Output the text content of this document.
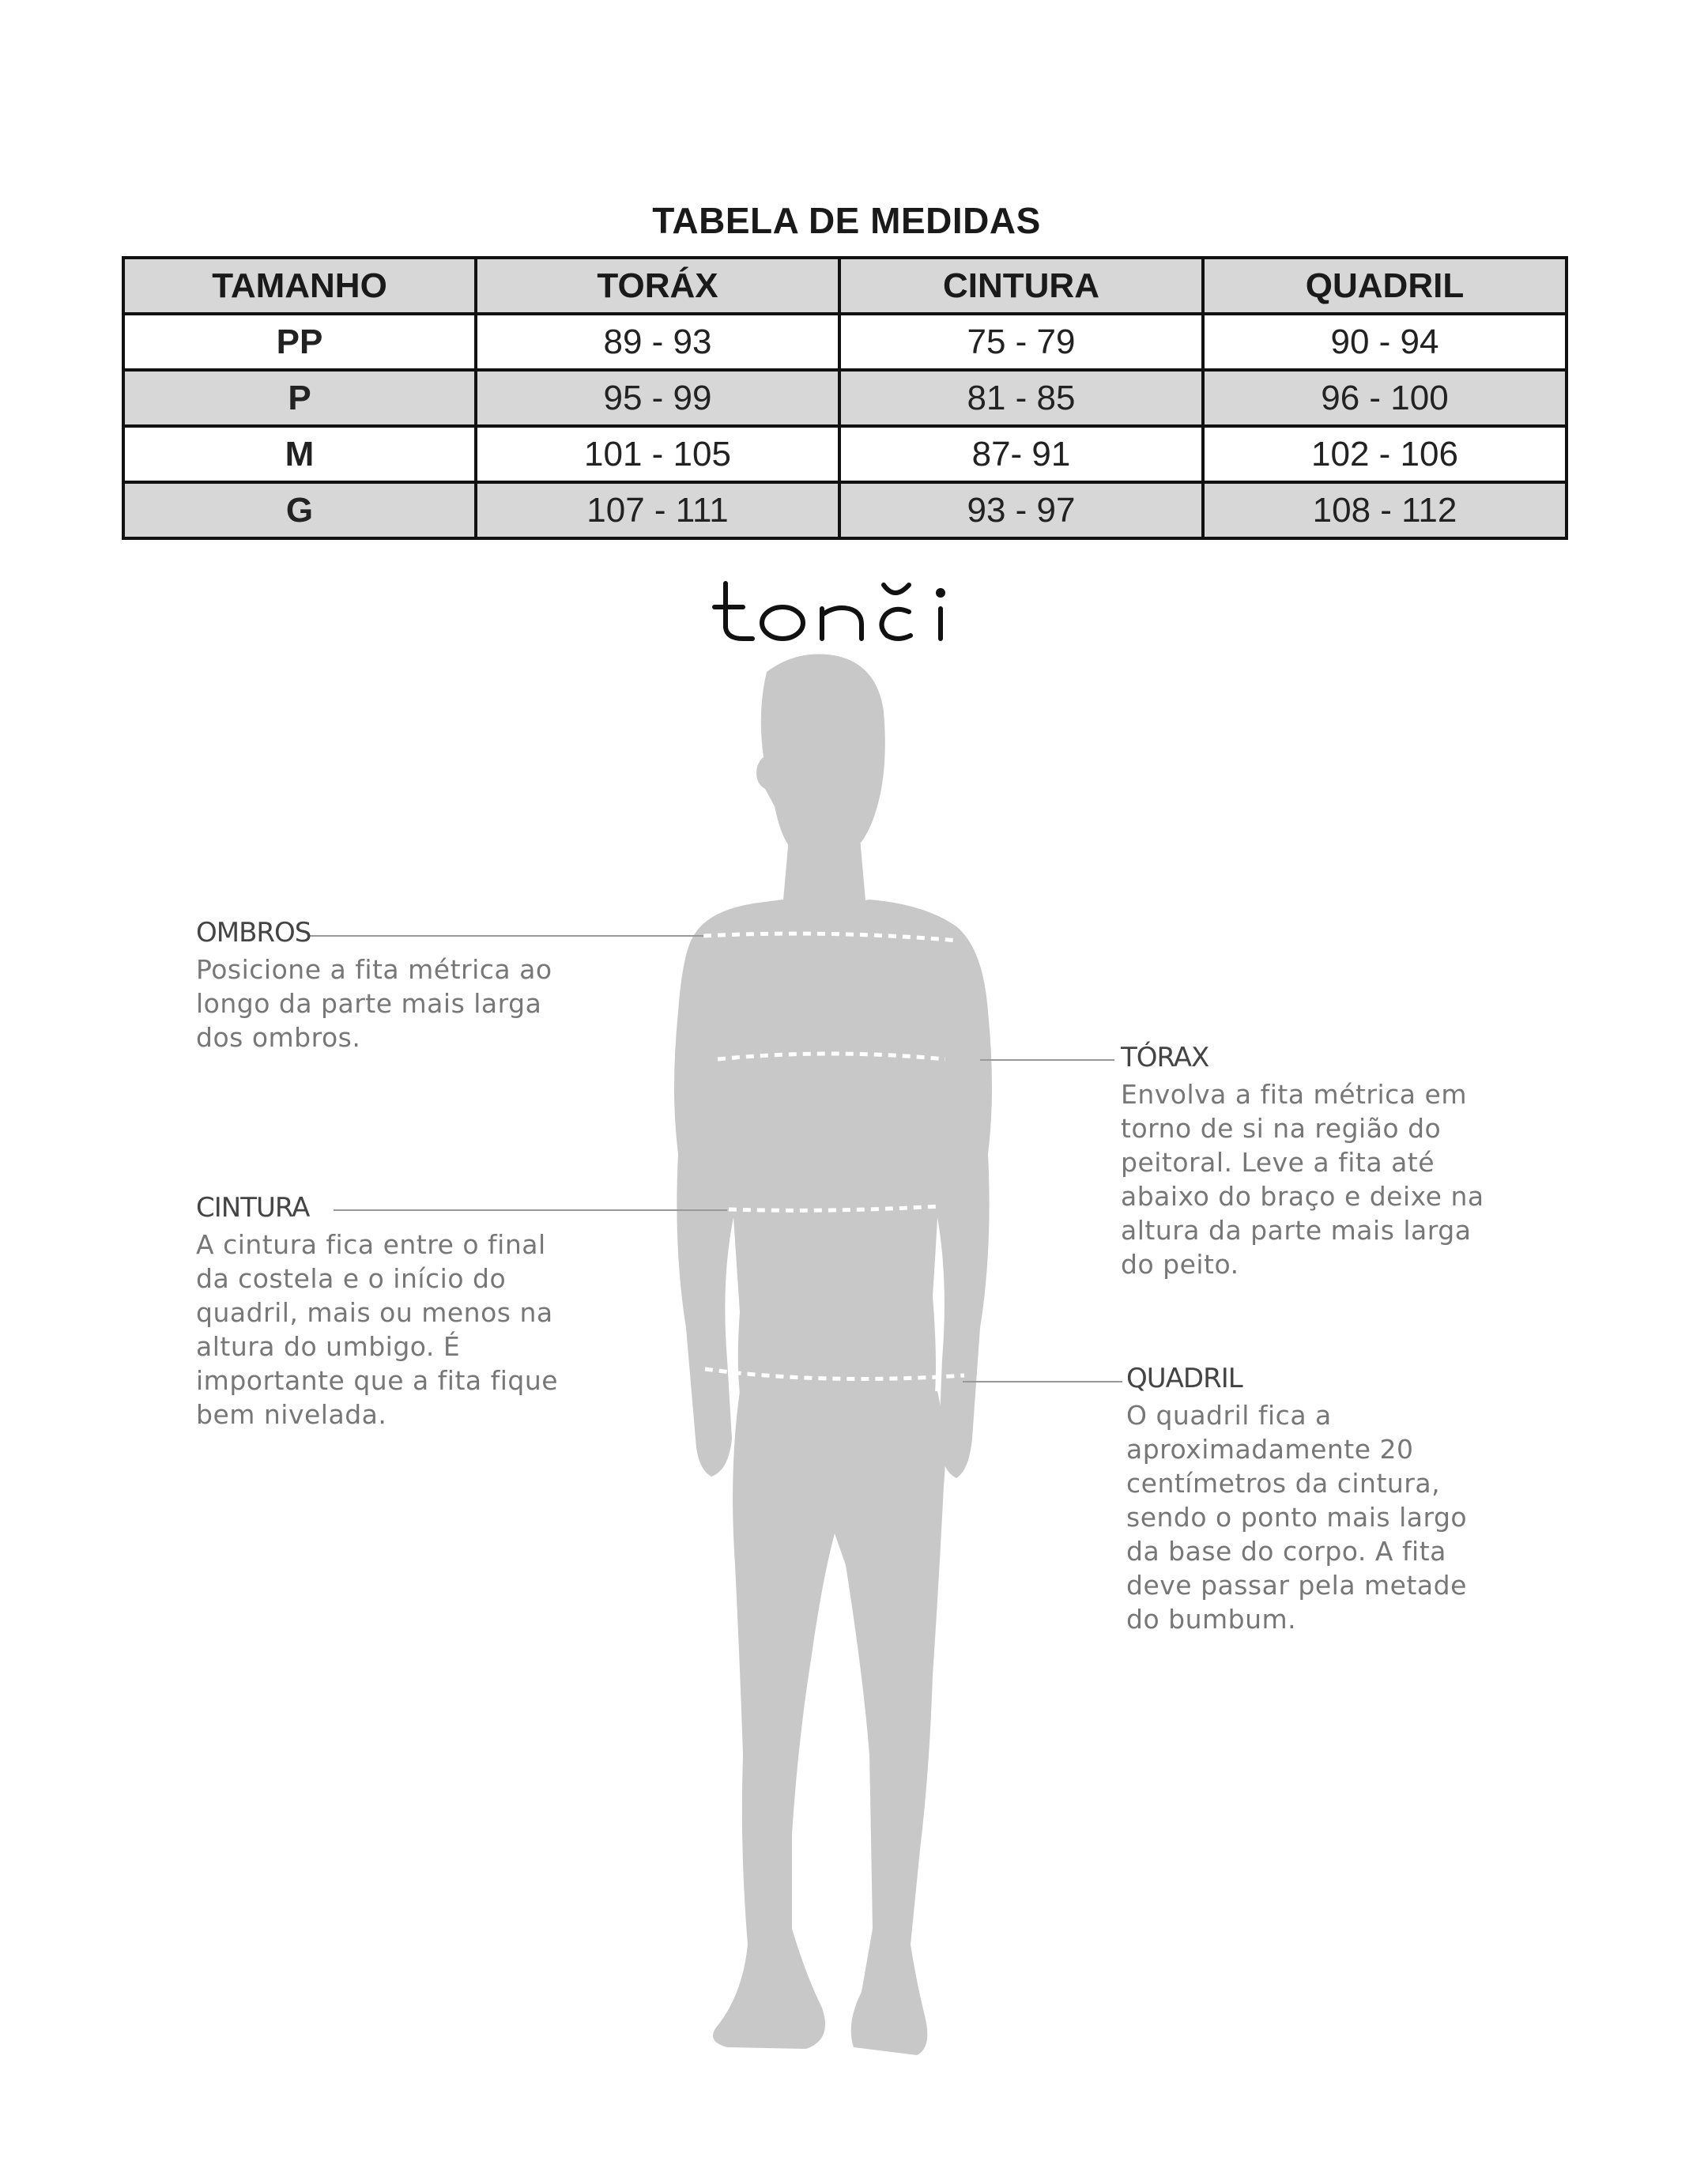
TABELA DE MEDIDAS
TAMANHO	TORÁX	CINTURA	QUADRIL
PP	89 - 93	75 - 79	90 - 94
P	95 - 99	81 - 85	96 - 100
M	101 - 105	87- 91	102 - 106
G	107 - 111	93 - 97	108 - 112
OMBROS
Posicione a fita métrica ao
longo da parte mais larga
dos ombros.
TÓRAX
Envolva a fita métrica em
torno de si na região do
peitoral. Leve a fita até
abaixo do braço e deixe na
altura da parte mais larga
do peito.
CINTURA
A cintura fica entre o final
da costela e o início do
quadril, mais ou menos na
altura do umbigo. É
importante que a fita fique
bem nivelada.
QUADRIL
O quadril fica a
aproximadamente 20
centímetros da cintura,
sendo o ponto mais largo
da base do corpo. A fita
deve passar pela metade
do bumbum.
